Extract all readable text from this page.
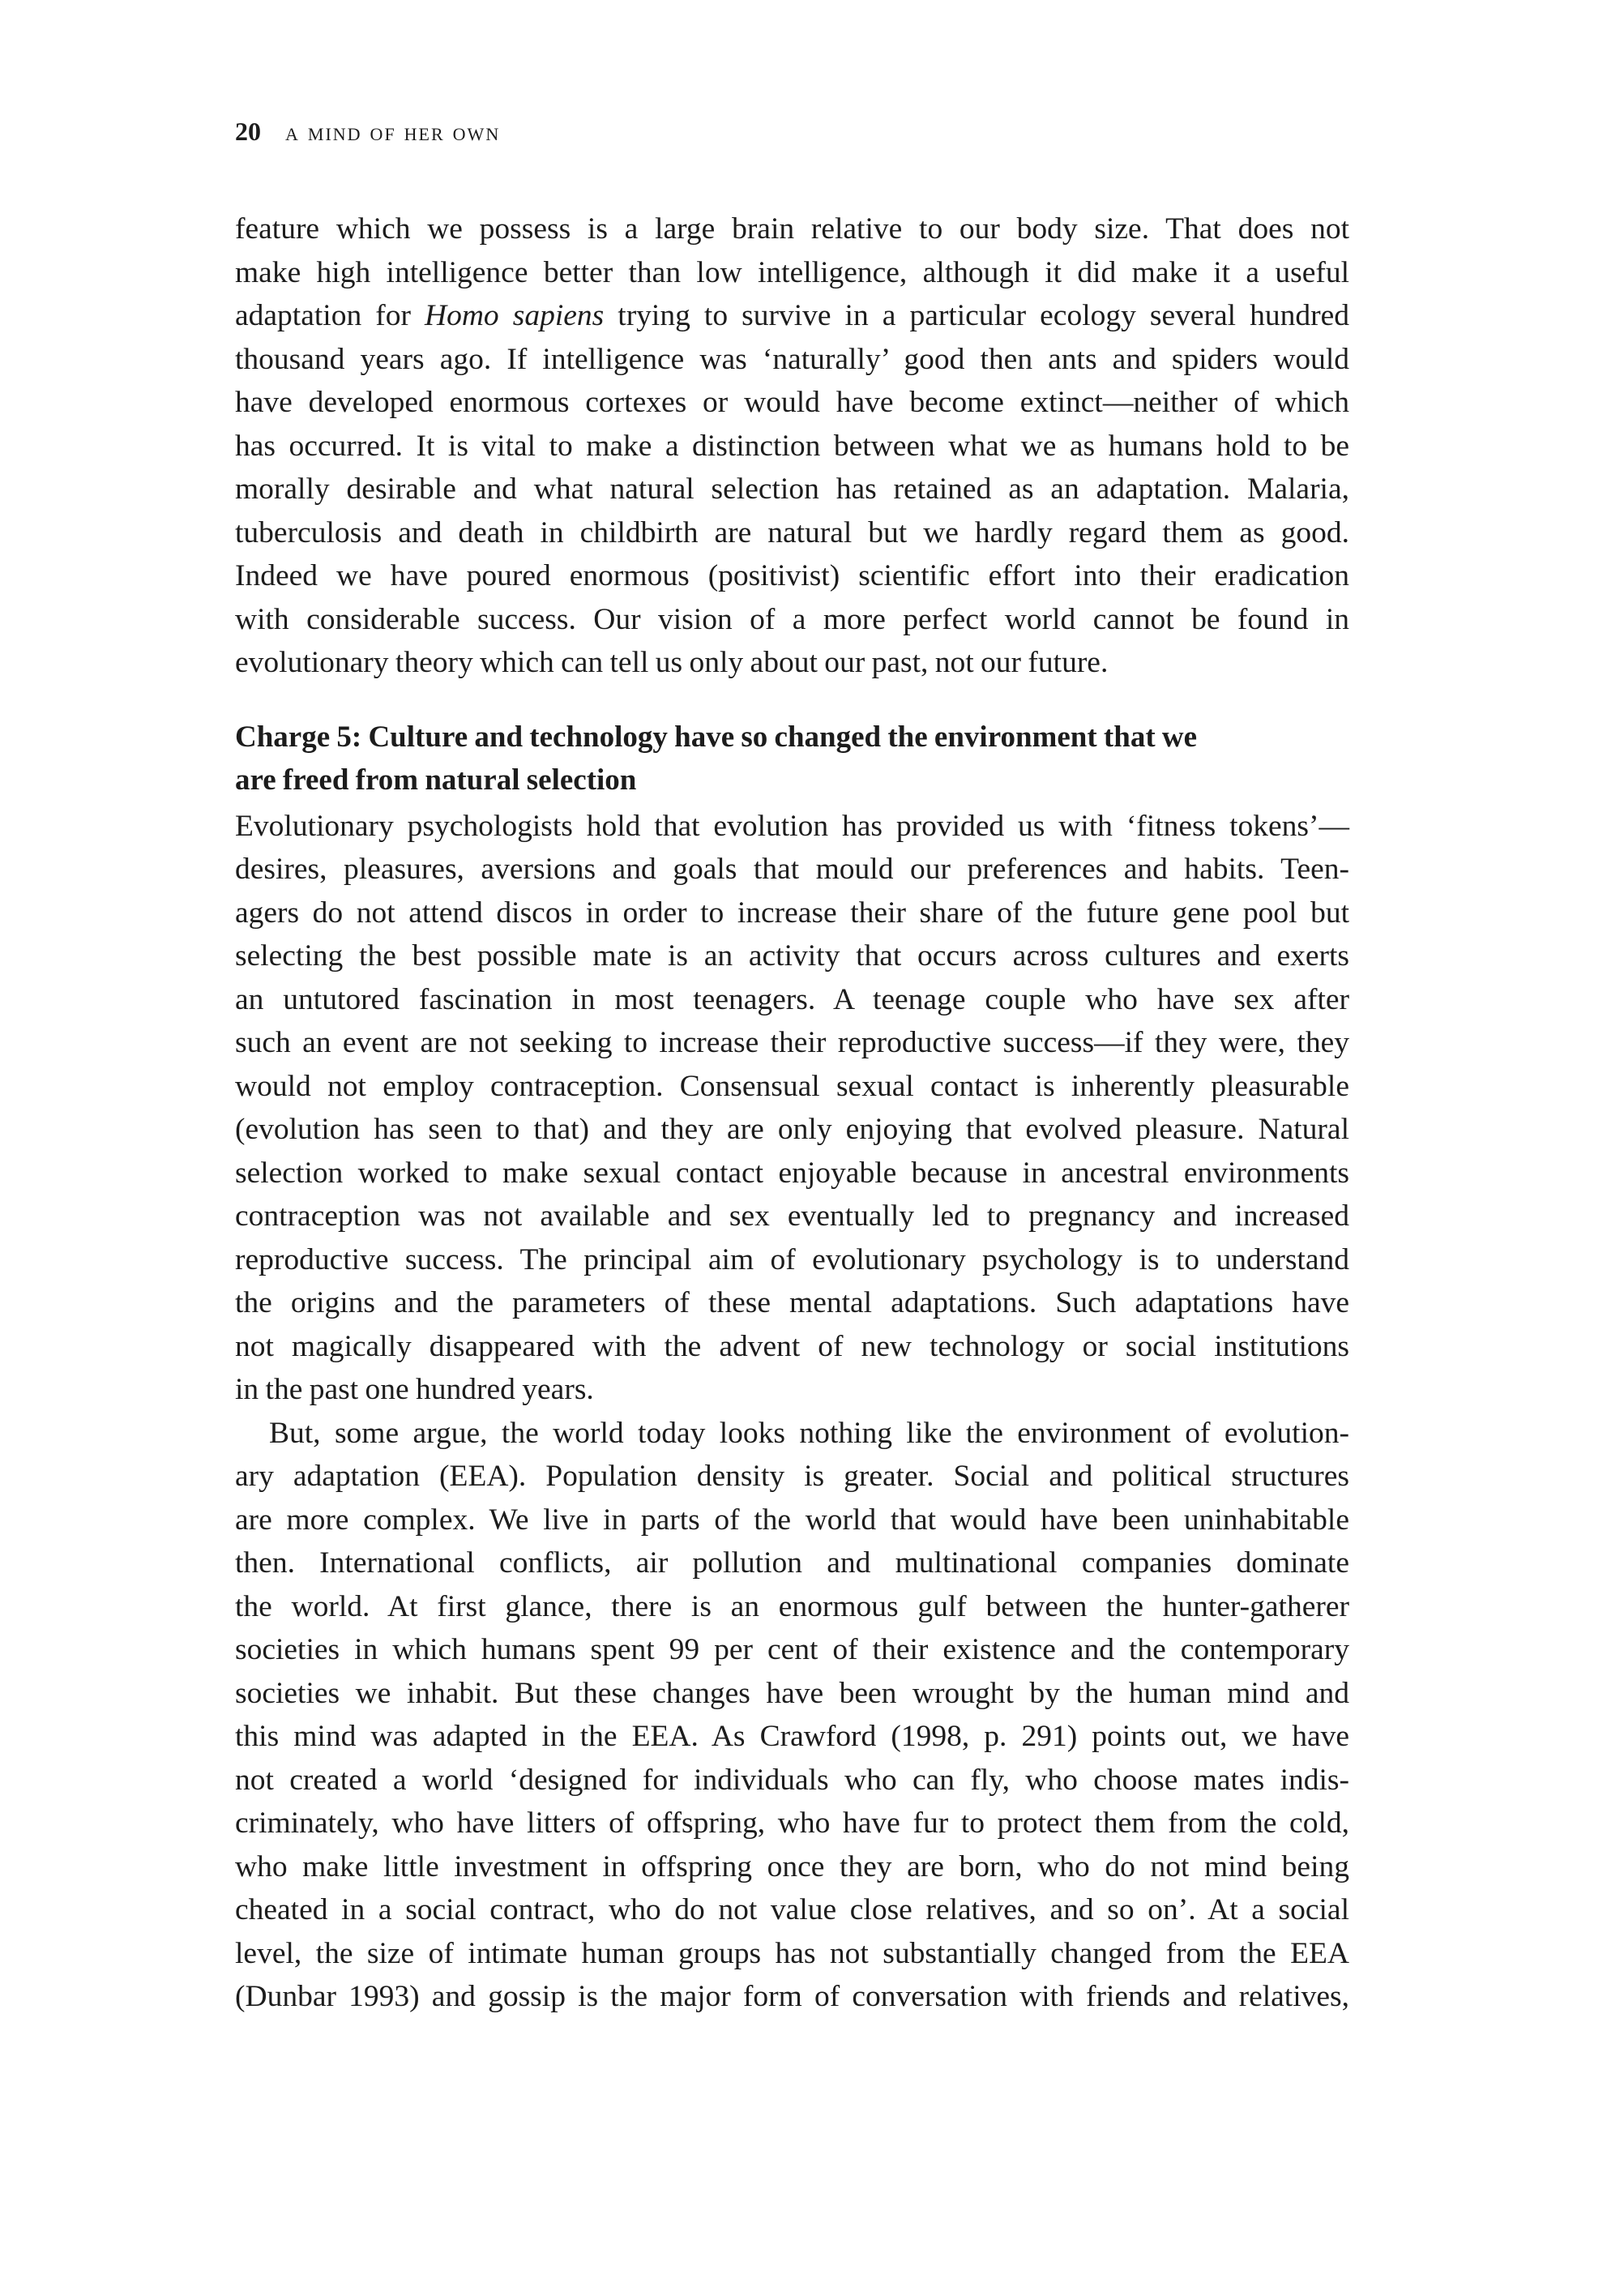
20 a mind of her own
feature which we possess is a large brain relative to our body size. That does not
make high intelligence better than low intelligence, although it did make it a useful
adaptation for Homo sapiens trying to survive in a particular ecology several hundred
thousand years ago. If intelligence was ‘naturally’ good then ants and spiders would
have developed enormous cortexes or would have become extinct—neither of which
has occurred. It is vital to make a distinction between what we as humans hold to be
morally desirable and what natural selection has retained as an adaptation. Malaria,
tuberculosis and death in childbirth are natural but we hardly regard them as good.
Indeed we have poured enormous (positivist) scientific effort into their eradication
with considerable success. Our vision of a more perfect world cannot be found in
evolutionary theory which can tell us only about our past, not our future.
Charge 5: Culture and technology have so changed the environment that we
are freed from natural selection
Evolutionary psychologists hold that evolution has provided us with ‘fitness tokens’—
desires, pleasures, aversions and goals that mould our preferences and habits. Teen-
agers do not attend discos in order to increase their share of the future gene pool but
selecting the best possible mate is an activity that occurs across cultures and exerts
an untutored fascination in most teenagers. A teenage couple who have sex after
such an event are not seeking to increase their reproductive success—if they were, they
would not employ contraception. Consensual sexual contact is inherently pleasurable
(evolution has seen to that) and they are only enjoying that evolved pleasure. Natural
selection worked to make sexual contact enjoyable because in ancestral environments
contraception was not available and sex eventually led to pregnancy and increased
reproductive success. The principal aim of evolutionary psychology is to understand
the origins and the parameters of these mental adaptations. Such adaptations have
not magically disappeared with the advent of new technology or social institutions
in the past one hundred years.
But, some argue, the world today looks nothing like the environment of evolution-
ary adaptation (EEA). Population density is greater. Social and political structures
are more complex. We live in parts of the world that would have been uninhabitable
then. International conflicts, air pollution and multinational companies dominate
the world. At first glance, there is an enormous gulf between the hunter-gatherer
societies in which humans spent 99 per cent of their existence and the contemporary
societies we inhabit. But these changes have been wrought by the human mind and
this mind was adapted in the EEA. As Crawford (1998, p. 291) points out, we have
not created a world ‘designed for individuals who can fly, who choose mates indis-
criminately, who have litters of offspring, who have fur to protect them from the cold,
who make little investment in offspring once they are born, who do not mind being
cheated in a social contract, who do not value close relatives, and so on’. At a social
level, the size of intimate human groups has not substantially changed from the EEA
(Dunbar 1993) and gossip is the major form of conversation with friends and relatives,
